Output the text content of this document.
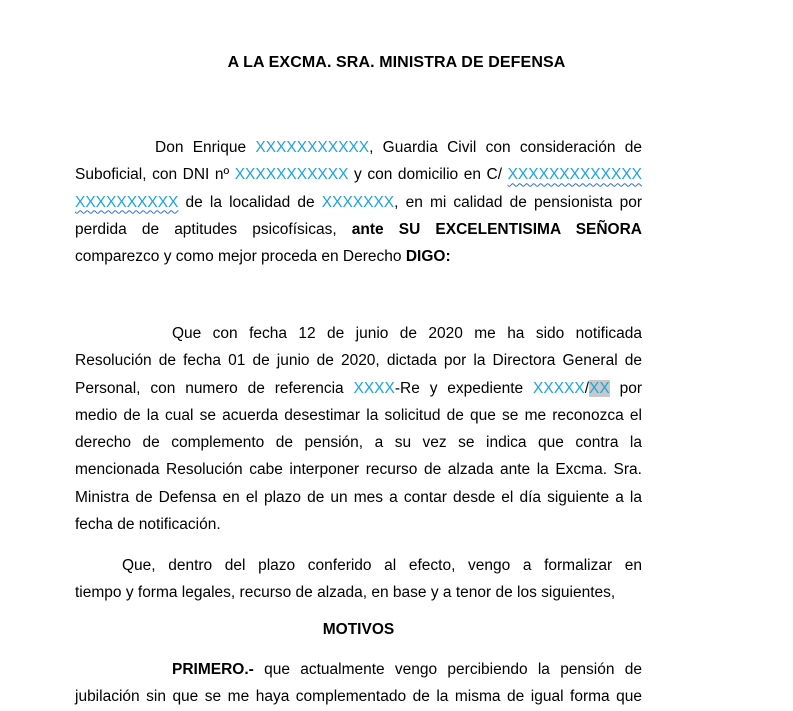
A LA EXCMA. SRA. MINISTRA DE DEFENSA
Don Enrique XXXXXXXXXXX, Guardia Civil con consideración de
Suboficial, con DNI nº XXXXXXXXXXX y con domicilio en C/ XXXXXXXXXXXXX
XXXXXXXXXX de la localidad de XXXXXXX, en mi calidad de pensionista por
perdida de aptitudes psicofísicas, ante SU EXCELENTISIMA SEÑORA
comparezco y como mejor proceda en Derecho DIGO:
Que con fecha 12 de junio de 2020 me ha sido notificada
Resolución de fecha 01 de junio de 2020, dictada por la Directora General de
Personal, con numero de referencia XXXX-Re y expediente XXXXX/XX por
medio de la cual se acuerda desestimar la solicitud de que se me reconozca el
derecho de complemento de pensión, a su vez se indica que contra la
mencionada Resolución cabe interponer recurso de alzada ante la Excma. Sra.
Ministra de Defensa en el plazo de un mes a contar desde el día siguiente a la
fecha de notificación.
Que, dentro del plazo conferido al efecto, vengo a formalizar en
tiempo y forma legales, recurso de alzada, en base y a tenor de los siguientes,
MOTIVOS
PRIMERO.- que actualmente vengo percibiendo la pensión de
jubilación sin que se me haya complementado de la misma de igual forma que
